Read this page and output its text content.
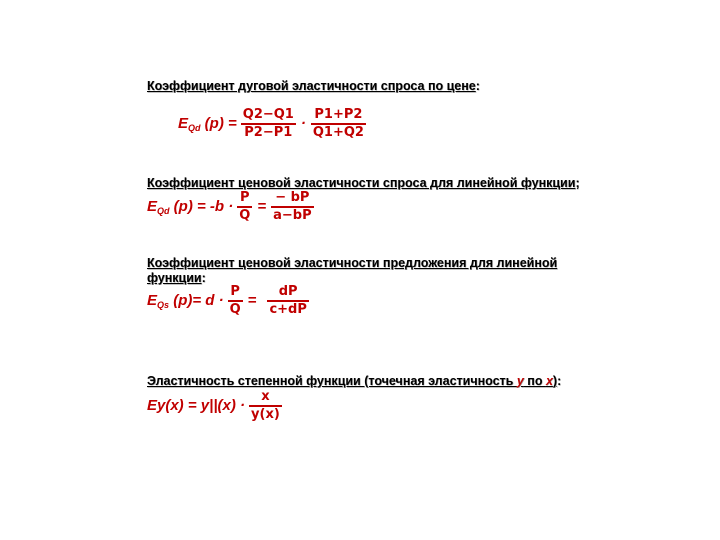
Коэффициент дуговой эластичности спроса по цене:
$E_{Qd}$ $(p) = \frac{Q2-Q1}{P2-P1} \cdot \frac{P1+P2}{Q1+Q2}$
Коэффициент ценовой эластичности спроса для линейной функции;
$E_{Qd}$ $(p) = -b \cdot \frac{P}{Q} = \frac{- bP}{a-bP}$
Коэффициент ценовой эластичности предложения для линейной
функции:
$E_{Qs}$ $(p)= d \cdot \frac{P}{Q} = \frac{dP}{c+dP}$
Эластичность степенной функции (точечная эластичность y по x):
$Ey(x) = y||(x) \cdot \frac{x}{y(x)}$
